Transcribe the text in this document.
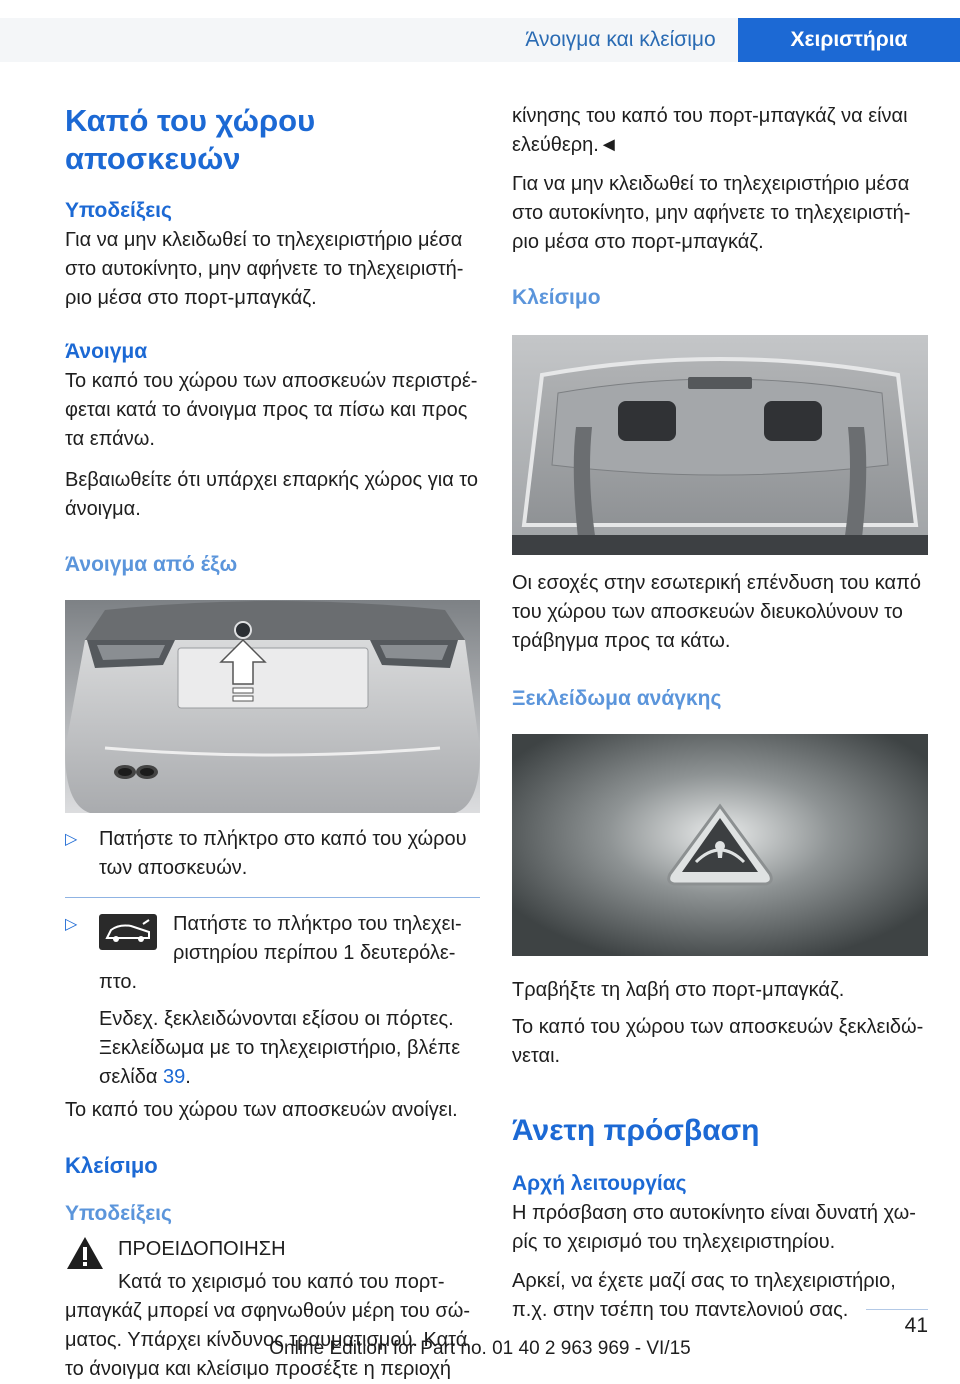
Άνοιγμα και κλείσιμο	Χειριστήρια
Καπό του χώρου αποσκευών
Υποδείξεις

Για να μην κλειδωθεί το τηλεχειριστήριο μέσα στο αυτοκίνητο, μην αφήνετε το τηλεχειριστή-ριο μέσα στο πορτ-μπαγκάζ.

Άνοιγμα

Το καπό του χώρου των αποσκευών περιστρέ-φεται κατά το άνοιγμα προς τα πίσω και προς τα επάνω.

Βεβαιωθείτε ότι υπάρχει επαρκής χώρος για το άνοιγμα.

Άνοιγμα από έξω
▷ Πατήστε το πλήκτρο στο καπό του χώρου των αποσκευών.
▷	Πατήστε το πλήκτρο του τηλεχει-
ριστηρίου περίπου 1 δευτερόλε-
πτο.
Ενδεχ. ξεκλειδώνονται εξίσου οι πόρτες. Ξεκλείδωμα με το τηλεχειριστήριο, βλέπε σελίδα 39.

Το καπό του χώρου των αποσκευών ανοίγει.

Κλείσιμο
Υποδείξεις

ΠΡΟΕΙΔΟΠΟΙΗΣΗ

Κατά το χειρισμό του καπό του πορτ-

μπαγκάζ μπορεί να σφηνωθούν μέρη του σώ-ματος. Υπάρχει κίνδυνος τραυματισμού. Κατά το άνοιγμα και κλείσιμο προσέξτε η περιοχή

κίνησης του καπό του πορτ-μπαγκάζ να είναι ελεύθερη.◄

Για να μην κλειδωθεί το τηλεχειριστήριο μέσα στο αυτοκίνητο, μην αφήνετε το τηλεχειριστή-ριο μέσα στο πορτ-μπαγκάζ.

Κλείσιμο

Οι εσοχές στην εσωτερική επένδυση του καπό του χώρου των αποσκευών διευκολύνουν το τράβηγμα προς τα κάτω.

Ξεκλείδωμα ανάγκης

Τραβήξτε τη λαβή στο πορτ-μπαγκάζ.

Το καπό του χώρου των αποσκευών ξεκλειδώ-νεται.

Άνετη πρόσβαση
Αρχή λειτουργίας

Η πρόσβαση στο αυτοκίνητο είναι δυνατή χω-ρίς το χειρισμό του τηλεχειριστηρίου.

Αρκεί, να έχετε μαζί σας το τηλεχειριστήριο, π.χ. στην τσέπη του παντελονιού σας.

41
Online Edition for Part no. 01 40 2 963 969 - VI/15
